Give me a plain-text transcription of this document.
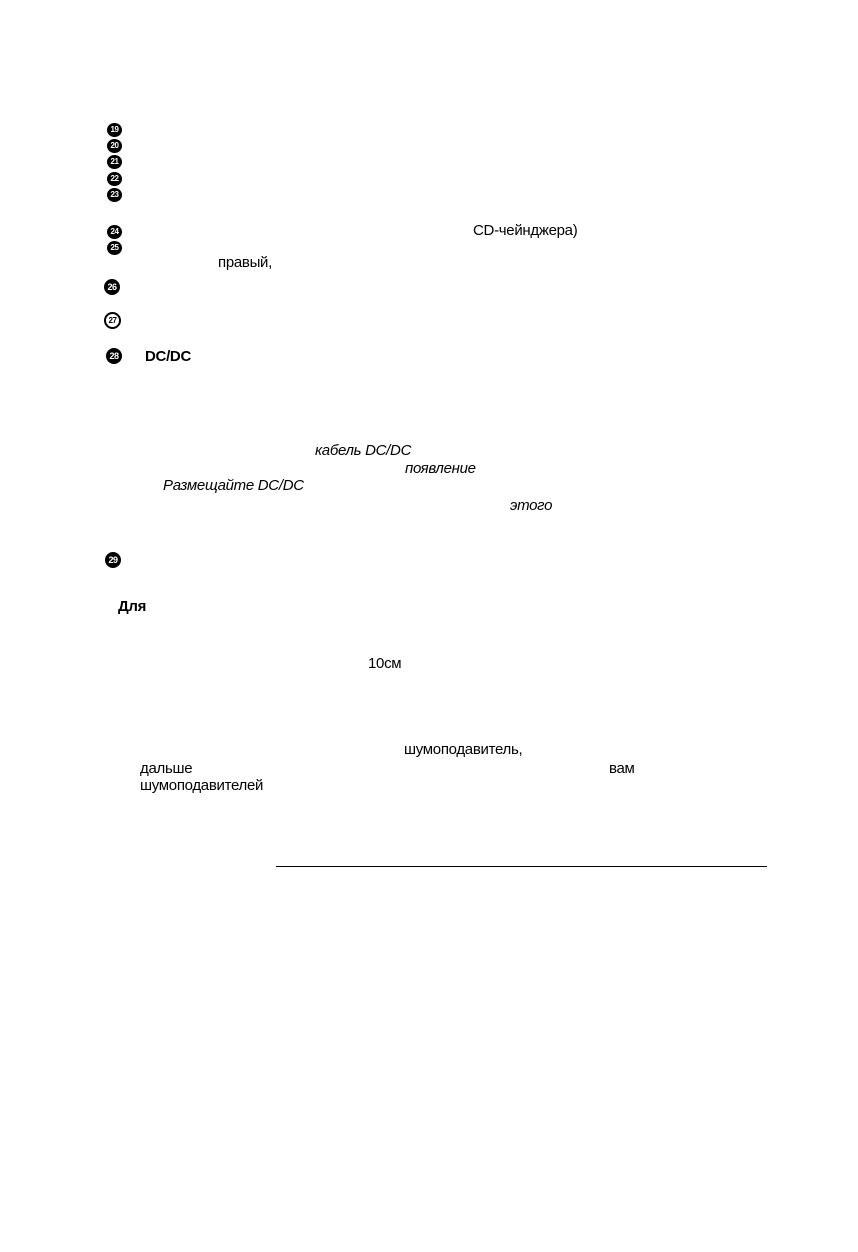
19
20
21
22
23
24
25
26
27
28
29
CD-чейнджера)
правый,
DC/DC
кабель DC/DC
появление
Размещайте DC/DC
этого
Для
10см
шумоподавитель,
дальше	вам
шумоподавителей
